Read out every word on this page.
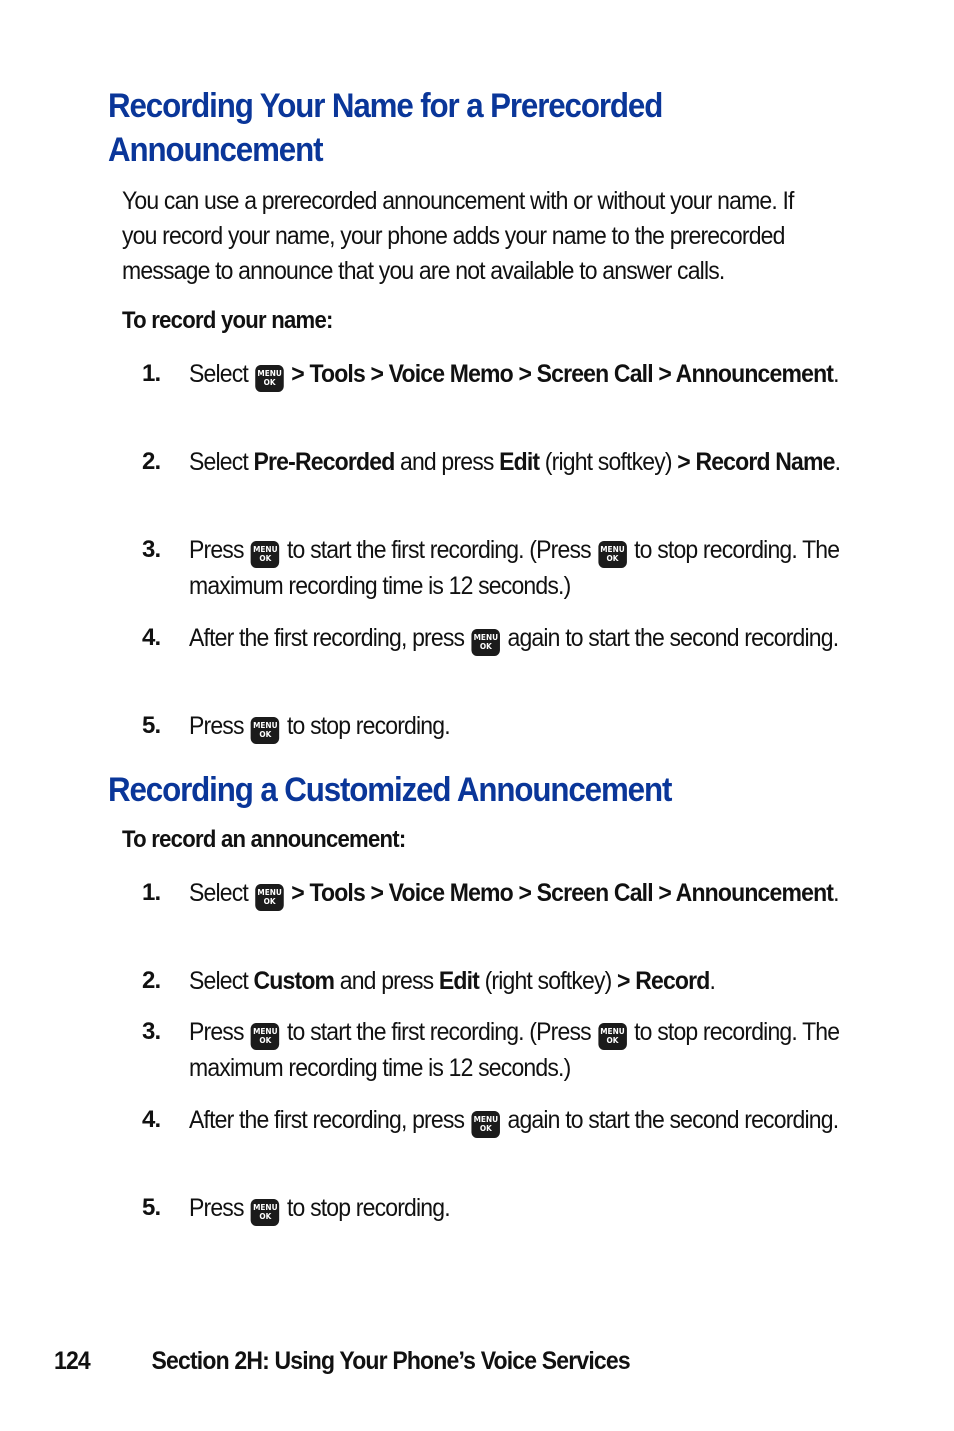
Recording Your Name for a Prerecorded Announcement

You can use a prerecorded announcement with or without your name. If you record your name, your phone adds your name to the prerecorded message to announce that you are not available to answer calls.

To record your name:

1. Select MENU
OK > Tools > Voice Memo > Screen Call > Announcement.
2. Select Pre-Recorded and press Edit (right softkey) > Record Name.
3. Press MENU
OK to start the first recording. (Press MENU
OK to stop recording. The maximum recording time is 12 seconds.)
4. After the first recording, press MENU
OK again to start the second recording.
5. Press MENU
OK to stop recording.
Recording a Customized Announcement

To record an announcement:

1. Select MENU
OK > Tools > Voice Memo > Screen Call > Announcement.
2. Select Custom and press Edit (right softkey) > Record.
3. Press MENU
OK to start the first recording. (Press MENU
OK to stop recording. The maximum recording time is 12 seconds.)
4. After the first recording, press MENU
OK again to start the second recording.
5. Press MENU
OK to stop recording.
124 Section 2H: Using Your Phone’s Voice Services
